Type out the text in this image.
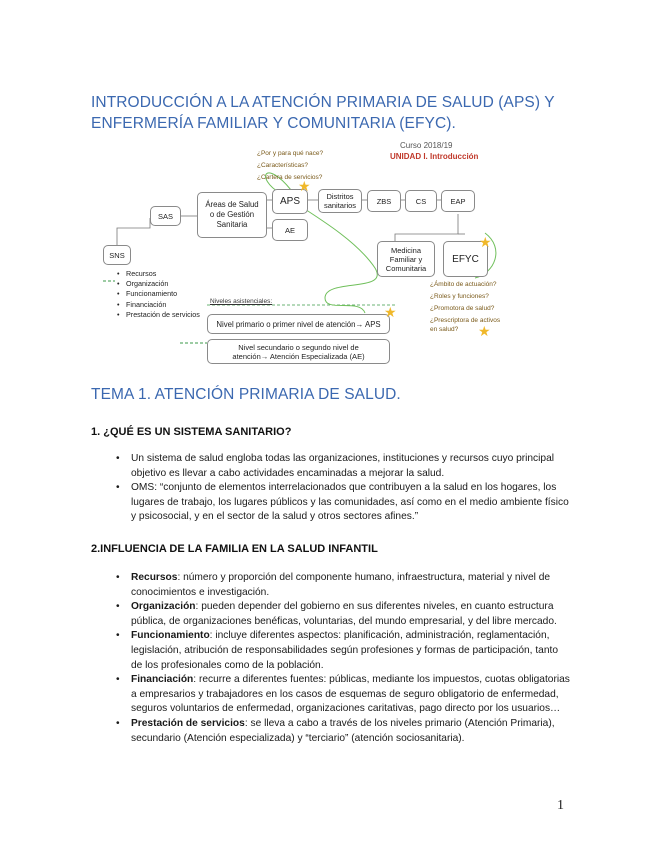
INTRODUCCIÓN A LA ATENCIÓN PRIMARIA DE SALUD (APS) Y ENFERMERÍA FAMILIAR Y COMUNITARIA (EFYC).
Curso 2018/19
UNIDAD I. Introducción
¿Por y para qué nace?
¿Características?
¿Cartera de servicios?
SNS
SAS
Áreas de Salud o de Gestión Sanitaria
APS
★
AE
Distritos sanitarios	ZBS	CS	EAP
Medicina Familiar y Comunitaria
EFYC
★
• Recursos
• Organización
• Funcionamiento
• Financiación
• Prestación de servicios
Niveles asistenciales:
Nivel primario o primer nivel de atención→ APS
★
Nivel secundario o segundo nivel de atención→ Atención Especializada (AE)
¿Ámbito de actuación?
¿Roles y funciones?
¿Promotora de salud?
¿Prescriptora de activos en salud?	★
TEMA 1. ATENCIÓN PRIMARIA DE SALUD.
1. ¿QUÉ ES UN SISTEMA SANITARIO?
• Un sistema de salud engloba todas las organizaciones, instituciones y recursos cuyo principal objetivo es llevar a cabo actividades encaminadas a mejorar la salud.
• OMS: “conjunto de elementos interrelacionados que contribuyen a la salud en los hogares, los lugares de trabajo, los lugares públicos y las comunidades, así como en el medio ambiente físico y psicosocial, y en el sector de la salud y otros sectores afines.”
2.INFLUENCIA DE LA FAMILIA EN LA SALUD INFANTIL
• Recursos: número y proporción del componente humano, infraestructura, material y nivel de conocimientos e investigación.
• Organización: pueden depender del gobierno en sus diferentes niveles, en cuanto estructura pública, de organizaciones benéficas, voluntarias, del mundo empresarial, y del libre mercado.
• Funcionamiento: incluye diferentes aspectos: planificación, administración, reglamentación, legislación, atribución de responsabilidades según profesiones y formas de participación, tanto de los profesionales como de la población.
• Financiación: recurre a diferentes fuentes: públicas, mediante los impuestos, cuotas obligatorias a empresarios y trabajadores en los casos de esquemas de seguro obligatorio de enfermedad, seguros voluntarios de enfermedad, organizaciones caritativas, pago directo por los usuarios…
• Prestación de servicios: se lleva a cabo a través de los niveles primario (Atención Primaria), secundario (Atención especializada) y “terciario” (atención sociosanitaria).
1
